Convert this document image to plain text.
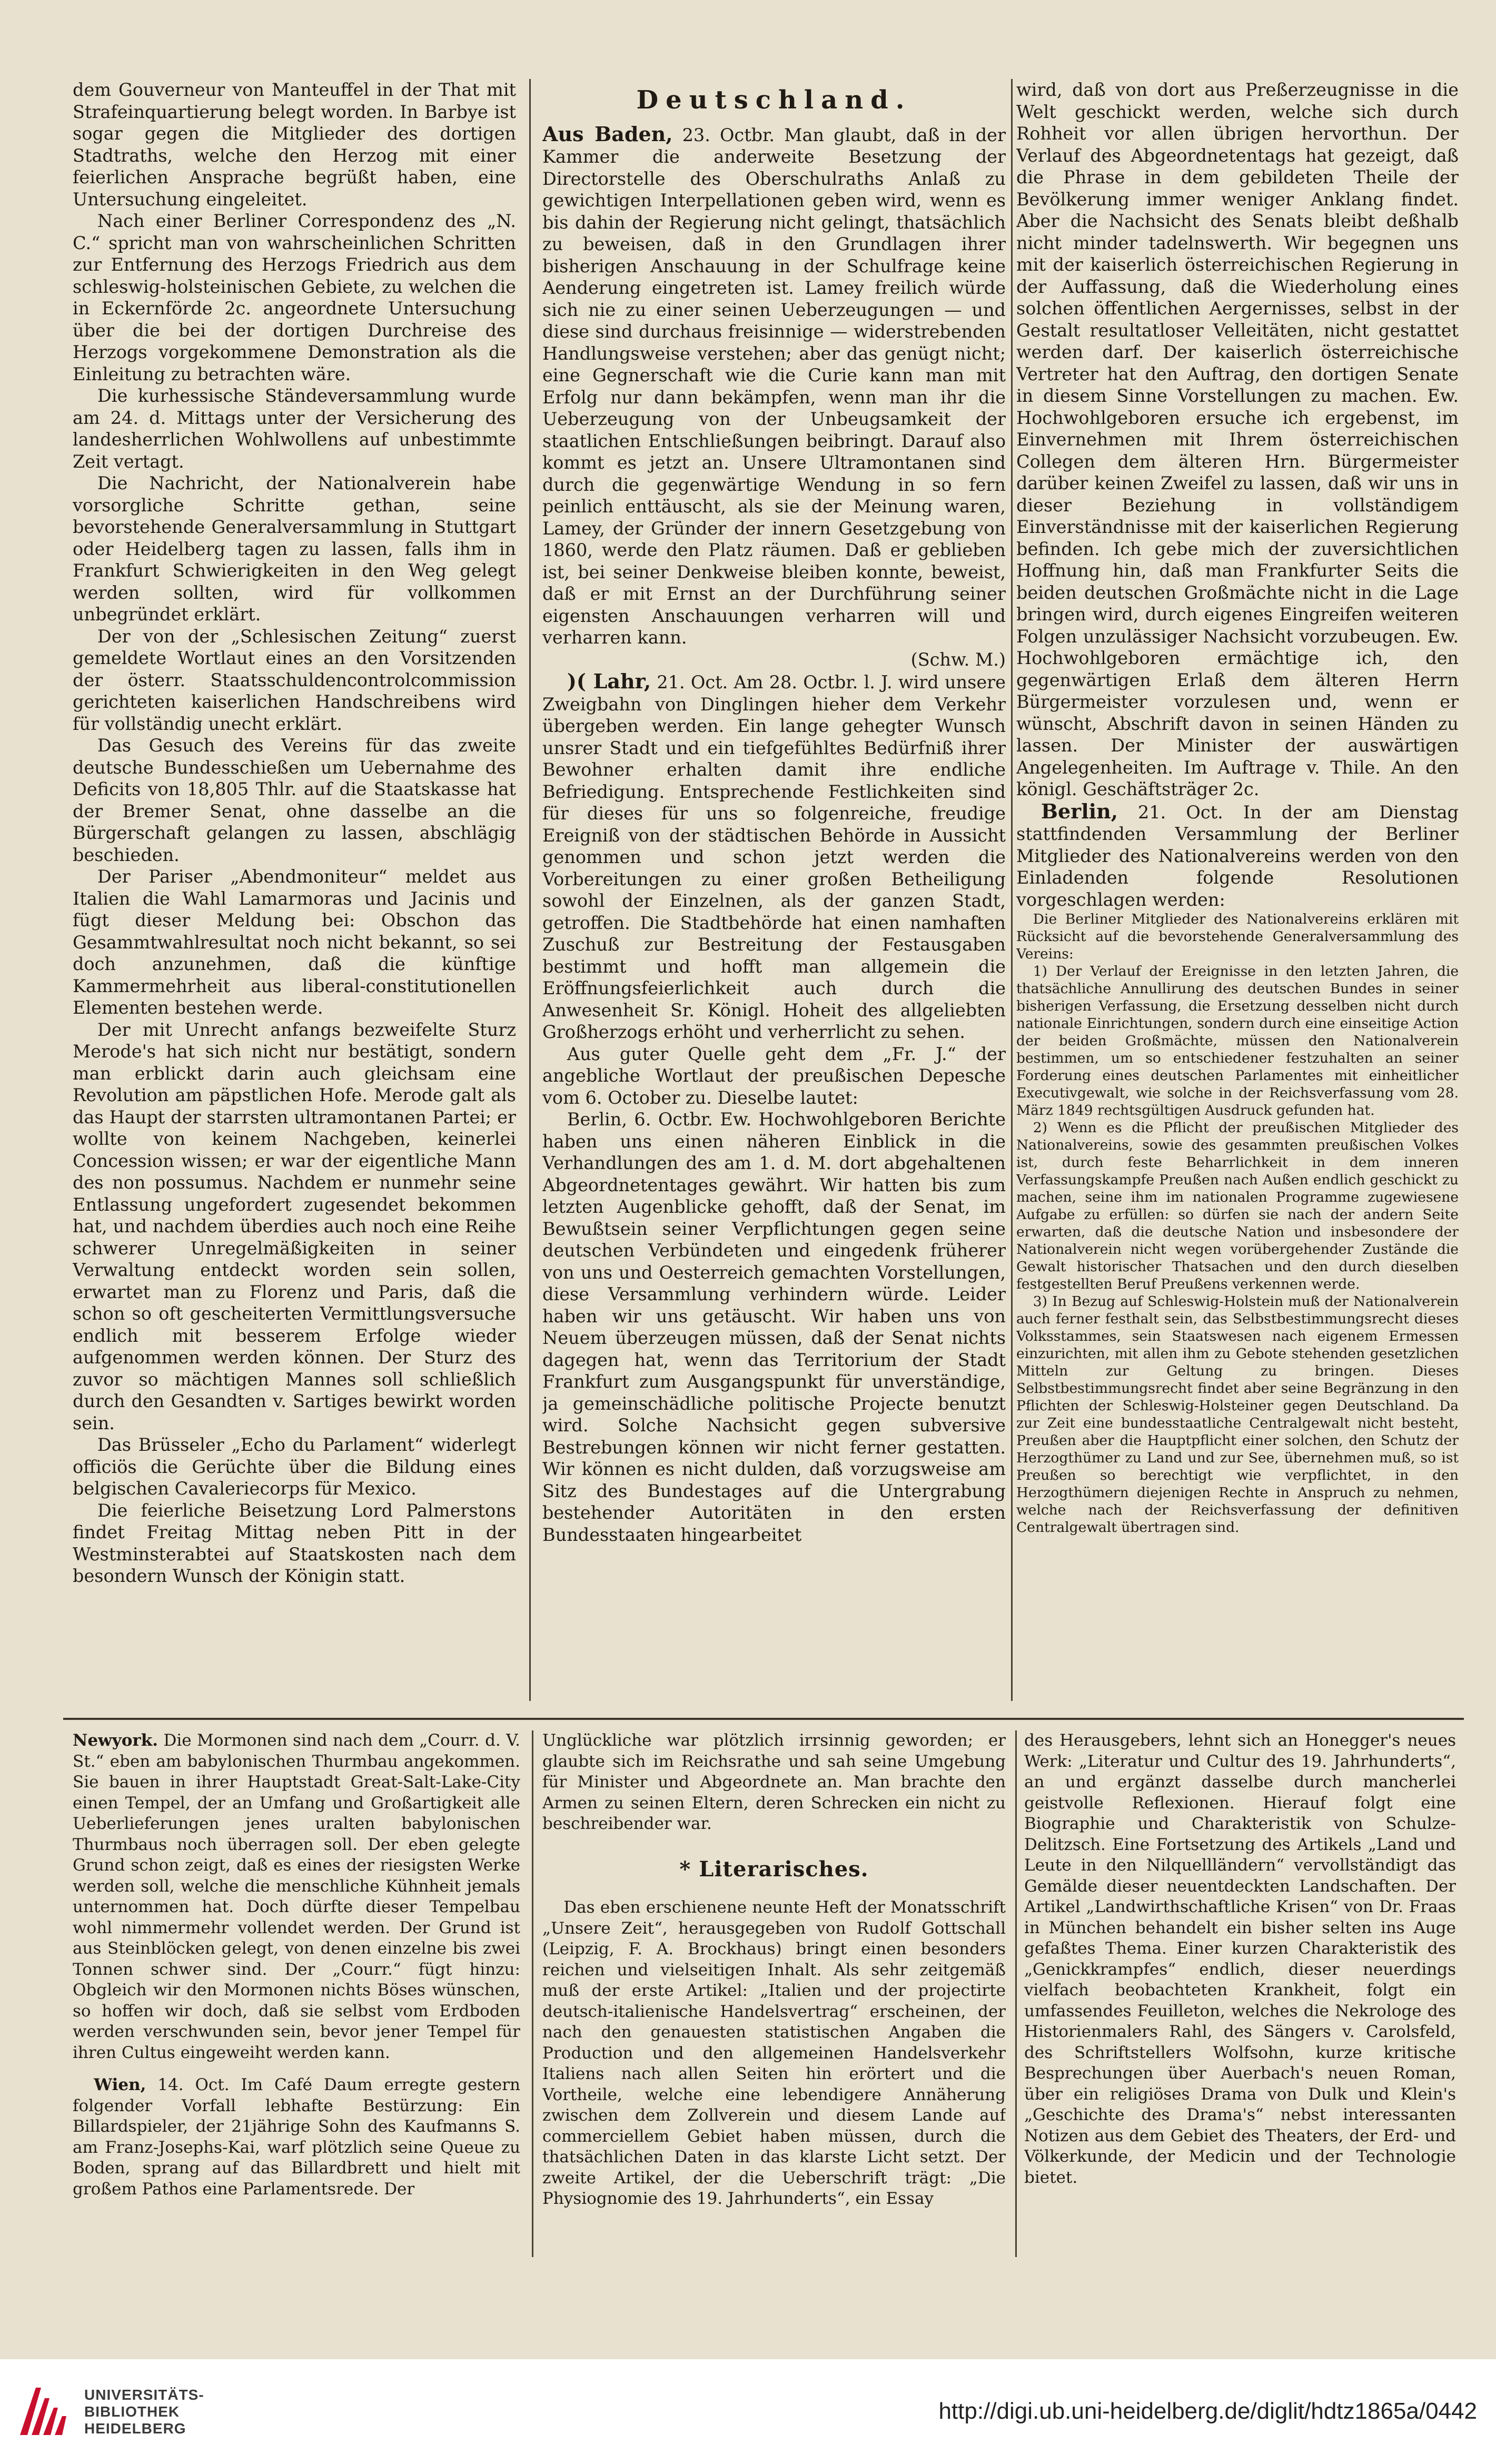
dem Gouverneur von Manteuffel in der That mit Strafeinquartierung belegt worden. In Barbye ist sogar gegen die Mitglieder des dortigen Stadtraths, welche den Herzog mit einer feierlichen Ansprache begrüßt haben, eine Untersuchung eingeleitet.

Nach einer Berliner Correspondenz des „N. C.“ spricht man von wahrscheinlichen Schritten zur Entfernung des Herzogs Friedrich aus dem schleswig-holsteinischen Gebiete, zu welchen die in Eckernförde 2c. angeordnete Untersuchung über die bei der dortigen Durchreise des Herzogs vorgekommene Demonstration als die Einleitung zu betrachten wäre.

Die kurhessische Ständeversammlung wurde am 24. d. Mittags unter der Versicherung des landesherrlichen Wohlwollens auf unbestimmte Zeit vertagt.

Die Nachricht, der Nationalverein habe vorsorgliche Schritte gethan, seine bevorstehende Generalversammlung in Stuttgart oder Heidelberg tagen zu lassen, falls ihm in Frankfurt Schwierigkeiten in den Weg gelegt werden sollten, wird für vollkommen unbegründet erklärt.

Der von der „Schlesischen Zeitung“ zuerst gemeldete Wortlaut eines an den Vorsitzenden der österr. Staatsschuldencontrolcommission gerichteten kaiserlichen Handschreibens wird für vollständig unecht erklärt.

Das Gesuch des Vereins für das zweite deutsche Bundesschießen um Uebernahme des Deficits von 18,805 Thlr. auf die Staatskasse hat der Bremer Senat, ohne dasselbe an die Bürgerschaft gelangen zu lassen, abschlägig beschieden.

Der Pariser „Abendmoniteur“ meldet aus Italien die Wahl Lamarmoras und Jacinis und fügt dieser Meldung bei: Obschon das Gesammtwahlresultat noch nicht bekannt, so sei doch anzunehmen, daß die künftige Kammermehrheit aus liberal-constitutionellen Elementen bestehen werde.

Der mit Unrecht anfangs bezweifelte Sturz Merode's hat sich nicht nur bestätigt, sondern man erblickt darin auch gleichsam eine Revolution am päpstlichen Hofe. Merode galt als das Haupt der starrsten ultramontanen Partei; er wollte von keinem Nachgeben, keinerlei Concession wissen; er war der eigentliche Mann des non possumus. Nachdem er nunmehr seine Entlassung ungefordert zugesendet bekommen hat, und nachdem überdies auch noch eine Reihe schwerer Unregelmäßigkeiten in seiner Verwaltung entdeckt worden sein sollen, erwartet man zu Florenz und Paris, daß die schon so oft gescheiterten Vermittlungsversuche endlich mit besserem Erfolge wieder aufgenommen werden können. Der Sturz des zuvor so mächtigen Mannes soll schließlich durch den Gesandten v. Sartiges bewirkt worden sein.

Das Brüsseler „Echo du Parlament“ widerlegt officiös die Gerüchte über die Bildung eines belgischen Cavaleriecorps für Mexico.

Die feierliche Beisetzung Lord Palmerstons findet Freitag Mittag neben Pitt in der Westminsterabtei auf Staatskosten nach dem besondern Wunsch der Königin statt.

Deutschland.

Aus Baden, 23. Octbr. Man glaubt, daß in der Kammer die anderweite Besetzung der Directorstelle des Oberschulraths Anlaß zu gewichtigen Interpellationen geben wird, wenn es bis dahin der Regierung nicht gelingt, thatsächlich zu beweisen, daß in den Grundlagen ihrer bisherigen Anschauung in der Schulfrage keine Aenderung eingetreten ist. Lamey freilich würde sich nie zu einer seinen Ueberzeugungen — und diese sind durchaus freisinnige — widerstrebenden Handlungsweise verstehen; aber das genügt nicht; eine Gegnerschaft wie die Curie kann man mit Erfolg nur dann bekämpfen, wenn man ihr die Ueberzeugung von der Unbeugsamkeit der staatlichen Entschließungen beibringt. Darauf also kommt es jetzt an. Unsere Ultramontanen sind durch die gegenwärtige Wendung in so fern peinlich enttäuscht, als sie der Meinung waren, Lamey, der Gründer der innern Gesetzgebung von 1860, werde den Platz räumen. Daß er geblieben ist, bei seiner Denkweise bleiben konnte, beweist, daß er mit Ernst an der Durchführung seiner eigensten Anschauungen verharren will und verharren kann.

(Schw. M.)

)( Lahr, 21. Oct. Am 28. Octbr. l. J. wird unsere Zweigbahn von Dinglingen hieher dem Verkehr übergeben werden. Ein lange gehegter Wunsch unsrer Stadt und ein tiefgefühltes Bedürfniß ihrer Bewohner erhalten damit ihre endliche Befriedigung. Entsprechende Festlichkeiten sind für dieses für uns so folgenreiche, freudige Ereigniß von der städtischen Behörde in Aussicht genommen und schon jetzt werden die Vorbereitungen zu einer großen Betheiligung sowohl der Einzelnen, als der ganzen Stadt, getroffen. Die Stadtbehörde hat einen namhaften Zuschuß zur Bestreitung der Festausgaben bestimmt und hofft man allgemein die Eröffnungsfeierlichkeit auch durch die Anwesenheit Sr. Königl. Hoheit des allgeliebten Großherzogs erhöht und verherrlicht zu sehen.

Aus guter Quelle geht dem „Fr. J.“ der angebliche Wortlaut der preußischen Depesche vom 6. October zu. Dieselbe lautet:

Berlin, 6. Octbr. Ew. Hochwohlgeboren Berichte haben uns einen näheren Einblick in die Verhandlungen des am 1. d. M. dort abgehaltenen Abgeordnetentages gewährt. Wir hatten bis zum letzten Augenblicke gehofft, daß der Senat, im Bewußtsein seiner Verpflichtungen gegen seine deutschen Verbündeten und eingedenk früherer von uns und Oesterreich gemachten Vorstellungen, diese Versammlung verhindern würde. Leider haben wir uns getäuscht. Wir haben uns von Neuem überzeugen müssen, daß der Senat nichts dagegen hat, wenn das Territorium der Stadt Frankfurt zum Ausgangspunkt für unverständige, ja gemeinschädliche politische Projecte benutzt wird. Solche Nachsicht gegen subversive Bestrebungen können wir nicht ferner gestatten. Wir können es nicht dulden, daß vorzugsweise am Sitz des Bundestages auf die Untergrabung bestehender Autoritäten in den ersten Bundesstaaten hingearbeitet

wird, daß von dort aus Preßerzeugnisse in die Welt geschickt werden, welche sich durch Rohheit vor allen übrigen hervorthun. Der Verlauf des Abgeordnetentags hat gezeigt, daß die Phrase in dem gebildeten Theile der Bevölkerung immer weniger Anklang findet. Aber die Nachsicht des Senats bleibt deßhalb nicht minder tadelnswerth. Wir begegnen uns mit der kaiserlich österreichischen Regierung in der Auffassung, daß die Wiederholung eines solchen öffentlichen Aergernisses, selbst in der Gestalt resultatloser Velleitäten, nicht gestattet werden darf. Der kaiserlich österreichische Vertreter hat den Auftrag, den dortigen Senate in diesem Sinne Vorstellungen zu machen. Ew. Hochwohlgeboren ersuche ich ergebenst, im Einvernehmen mit Ihrem österreichischen Collegen dem älteren Hrn. Bürgermeister darüber keinen Zweifel zu lassen, daß wir uns in dieser Beziehung in vollständigem Einverständnisse mit der kaiserlichen Regierung befinden. Ich gebe mich der zuversichtlichen Hoffnung hin, daß man Frankfurter Seits die beiden deutschen Großmächte nicht in die Lage bringen wird, durch eigenes Eingreifen weiteren Folgen unzulässiger Nachsicht vorzubeugen. Ew. Hochwohlgeboren ermächtige ich, den gegenwärtigen Erlaß dem älteren Herrn Bürgermeister vorzulesen und, wenn er wünscht, Abschrift davon in seinen Händen zu lassen. Der Minister der auswärtigen Angelegenheiten. Im Auftrage v. Thile. An den königl. Geschäftsträger 2c.

Berlin, 21. Oct. In der am Dienstag stattfindenden Versammlung der Berliner Mitglieder des Nationalvereins werden von den Einladenden folgende Resolutionen vorgeschlagen werden:

Die Berliner Mitglieder des Nationalvereins erklären mit Rücksicht auf die bevorstehende Generalversammlung des Vereins:

1) Der Verlauf der Ereignisse in den letzten Jahren, die thatsächliche Annullirung des deutschen Bundes in seiner bisherigen Verfassung, die Ersetzung desselben nicht durch nationale Einrichtungen, sondern durch eine einseitige Action der beiden Großmächte, müssen den Nationalverein bestimmen, um so entschiedener festzuhalten an seiner Forderung eines deutschen Parlamentes mit einheitlicher Executivgewalt, wie solche in der Reichsverfassung vom 28. März 1849 rechtsgültigen Ausdruck gefunden hat.

2) Wenn es die Pflicht der preußischen Mitglieder des Nationalvereins, sowie des gesammten preußischen Volkes ist, durch feste Beharrlichkeit in dem inneren Verfassungskampfe Preußen nach Außen endlich geschickt zu machen, seine ihm im nationalen Programme zugewiesene Aufgabe zu erfüllen: so dürfen sie nach der andern Seite erwarten, daß die deutsche Nation und insbesondere der Nationalverein nicht wegen vorübergehender Zustände die Gewalt historischer Thatsachen und den durch dieselben festgestellten Beruf Preußens verkennen werde.

3) In Bezug auf Schleswig-Holstein muß der Nationalverein auch ferner festhalt sein, das Selbstbestimmungsrecht dieses Volksstammes, sein Staatswesen nach eigenem Ermessen einzurichten, mit allen ihm zu Gebote stehenden gesetzlichen Mitteln zur Geltung zu bringen. Dieses Selbstbestimmungsrecht findet aber seine Begränzung in den Pflichten der Schleswig-Holsteiner gegen Deutschland. Da zur Zeit eine bundesstaatliche Centralgewalt nicht besteht, Preußen aber die Hauptpflicht einer solchen, den Schutz der Herzogthümer zu Land und zur See, übernehmen muß, so ist Preußen so berechtigt wie verpflichtet, in den Herzogthümern diejenigen Rechte in Anspruch zu nehmen, welche nach der Reichsverfassung der definitiven Centralgewalt übertragen sind.

Newyork. Die Mormonen sind nach dem „Courr. d. V. St.“ eben am babylonischen Thurmbau angekommen. Sie bauen in ihrer Hauptstadt Great-Salt-Lake-City einen Tempel, der an Umfang und Großartigkeit alle Ueberlieferungen jenes uralten babylonischen Thurmbaus noch überragen soll. Der eben gelegte Grund schon zeigt, daß es eines der riesigsten Werke werden soll, welche die menschliche Kühnheit jemals unternommen hat. Doch dürfte dieser Tempelbau wohl nimmermehr vollendet werden. Der Grund ist aus Steinblöcken gelegt, von denen einzelne bis zwei Tonnen schwer sind. Der „Courr.“ fügt hinzu: Obgleich wir den Mormonen nichts Böses wünschen, so hoffen wir doch, daß sie selbst vom Erdboden werden verschwunden sein, bevor jener Tempel für ihren Cultus eingeweiht werden kann.

Wien, 14. Oct. Im Café Daum erregte gestern folgender Vorfall lebhafte Bestürzung: Ein Billardspieler, der 21jährige Sohn des Kaufmanns S. am Franz-Josephs-Kai, warf plötzlich seine Queue zu Boden, sprang auf das Billardbrett und hielt mit großem Pathos eine Parlamentsrede. Der

Unglückliche war plötzlich irrsinnig geworden; er glaubte sich im Reichsrathe und sah seine Umgebung für Minister und Abgeordnete an. Man brachte den Armen zu seinen Eltern, deren Schrecken ein nicht zu beschreibender war.

* Literarisches.

Das eben erschienene neunte Heft der Monatsschrift „Unsere Zeit“, herausgegeben von Rudolf Gottschall (Leipzig, F. A. Brockhaus) bringt einen besonders reichen und vielseitigen Inhalt. Als sehr zeitgemäß muß der erste Artikel: „Italien und der projectirte deutsch-italienische Handelsvertrag“ erscheinen, der nach den genauesten statistischen Angaben die Production und den allgemeinen Handelsverkehr Italiens nach allen Seiten hin erörtert und die Vortheile, welche eine lebendigere Annäherung zwischen dem Zollverein und diesem Lande auf commerciellem Gebiet haben müssen, durch die thatsächlichen Daten in das klarste Licht setzt. Der zweite Artikel, der die Ueberschrift trägt: „Die Physiognomie des 19. Jahrhunderts“, ein Essay

des Herausgebers, lehnt sich an Honegger's neues Werk: „Literatur und Cultur des 19. Jahrhunderts“, an und ergänzt dasselbe durch mancherlei geistvolle Reflexionen. Hierauf folgt eine Biographie und Charakteristik von Schulze-Delitzsch. Eine Fortsetzung des Artikels „Land und Leute in den Nilquellländern“ vervollständigt das Gemälde dieser neuentdeckten Landschaften. Der Artikel „Landwirthschaftliche Krisen“ von Dr. Fraas in München behandelt ein bisher selten ins Auge gefaßtes Thema. Einer kurzen Charakteristik des „Genickkrampfes“ endlich, dieser neuerdings vielfach beobachteten Krankheit, folgt ein umfassendes Feuilleton, welches die Nekrologe des Historienmalers Rahl, des Sängers v. Carolsfeld, des Schriftstellers Wolfsohn, kurze kritische Besprechungen über Auerbach's neuen Roman, über ein religiöses Drama von Dulk und Klein's „Geschichte des Drama's“ nebst interessanten Notizen aus dem Gebiet des Theaters, der Erd- und Völkerkunde, der Medicin und der Technologie bietet.

UNIVERSITÄTS-
BIBLIOTHEK
HEIDELBERG
http://digi.ub.uni-heidelberg.de/diglit/hdtz1865a/0442
